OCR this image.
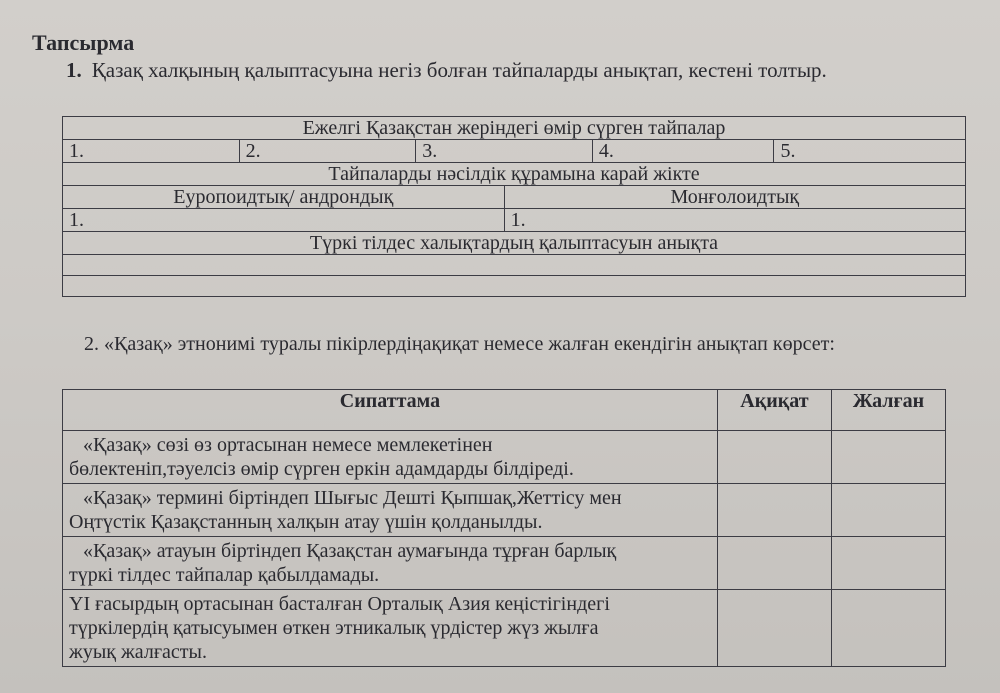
Тапсырма
1. Қазақ халқының қалыптасуына негіз болған тайпаларды анықтап, кестені толтыр.
Ежелгі Қазақстан жеріндегі өмір сүрген тайпалар					
1.	2.	3.		4.	5.
Тайпаларды нәсілдік құрамына карай жікте					
Еуропоидтық/ андрондық			Монғолоидтық		
1.			1.		
Түркі тілдес халықтардың қалыптасуын анықта					

2. «Қазақ» этнонимі туралы пікірлердіңақиқат немесе жалған екендігін анықтап көрсет:
Сипаттама	Ақиқат	Жалған

«Қазақ» сөзі өз ортасынан немесе мемлекетінен
бөлектеніп,тәуелсіз өмір сүрген еркін адамдарды білдіреді.		

«Қазақ» термині біртіндеп Шығыс Дешті Қыпшақ,Жеттісу мен
Оңтүстік Қазақстанның халқын атау үшін қолданылды.		

«Қазақ» атауын біртіндеп Қазақстан аумағында тұрған барлық
түркі тілдес тайпалар қабылдамады.		

ҮІ ғасырдың ортасынан басталған Орталық Азия кеңістігіндегі
түркілердің қатысуымен өткен этникалық үрдістер жүз жылға
жуық жалғасты.		
